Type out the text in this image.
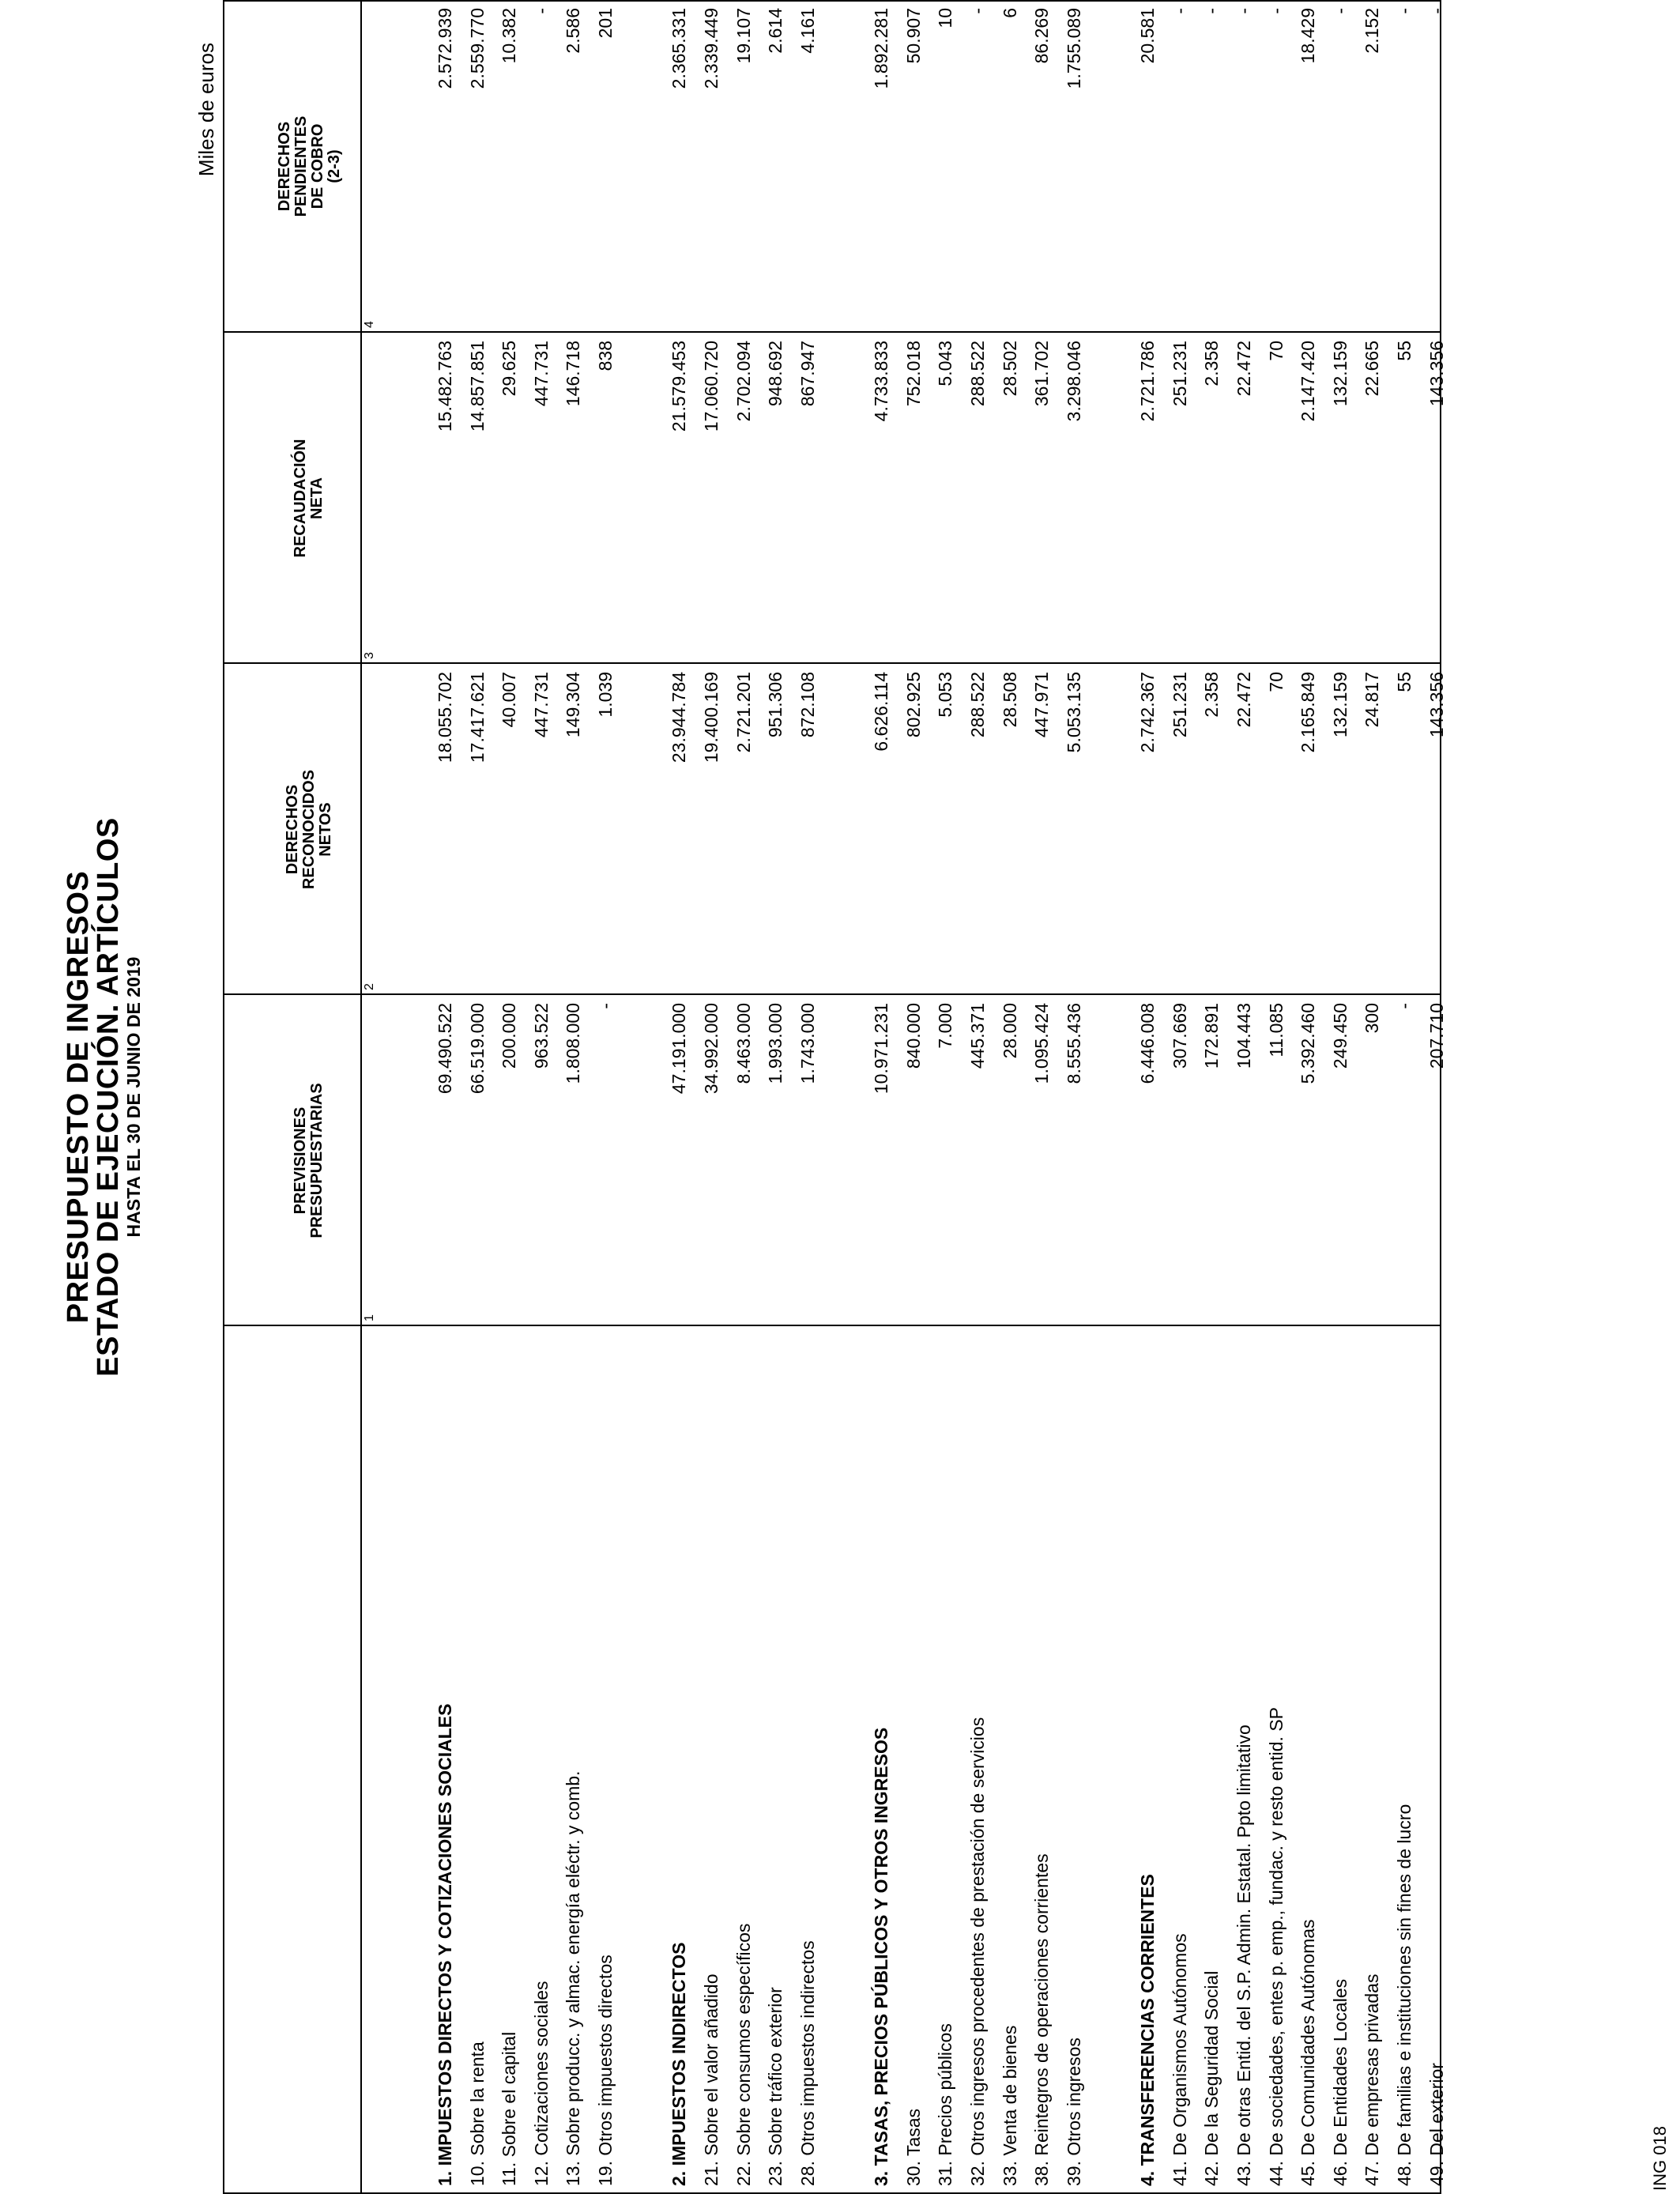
PRESUPUESTO DE INGRESOS
ESTADO DE EJECUCIÓN. ARTÍCULOS
HASTA EL 30 DE JUNIO DE 2019
Miles de euros
PREVISIONES PRESUPUESTARIAS
1
DERECHOS RECONOCIDOS NETOS
2
RECAUDACIÓN NETA
3
DERECHOS PENDIENTES DE COBRO (2-3)
4
1. IMPUESTOS DIRECTOS Y COTIZACIONES SOCIALES
69.490.522
18.055.702
15.482.763
2.572.939
10. Sobre la renta
66.519.000
17.417.621
14.857.851
2.559.770
11. Sobre el capital
200.000
40.007
29.625
10.382
12. Cotizaciones sociales
963.522
447.731
447.731
-
13. Sobre producc. y almac. energía eléctr. y comb.
1.808.000
149.304
146.718
2.586
19. Otros impuestos directos
-
1.039
838
201
2. IMPUESTOS INDIRECTOS
47.191.000
23.944.784
21.579.453
2.365.331
21. Sobre el valor añadido
34.992.000
19.400.169
17.060.720
2.339.449
22. Sobre consumos específicos
8.463.000
2.721.201
2.702.094
19.107
23. Sobre tráfico exterior
1.993.000
951.306
948.692
2.614
28. Otros impuestos indirectos
1.743.000
872.108
867.947
4.161
3. TASAS, PRECIOS PÚBLICOS Y OTROS INGRESOS
10.971.231
6.626.114
4.733.833
1.892.281
30. Tasas
840.000
802.925
752.018
50.907
31. Precios públicos
7.000
5.053
5.043
10
32. Otros ingresos procedentes de prestación de servicios
445.371
288.522
288.522
-
33. Venta de bienes
28.000
28.508
28.502
6
38. Reintegros de operaciones corrientes
1.095.424
447.971
361.702
86.269
39. Otros ingresos
8.555.436
5.053.135
3.298.046
1.755.089
4. TRANSFERENCIAS CORRIENTES
6.446.008
2.742.367
2.721.786
20.581
41. De Organismos Autónomos
307.669
251.231
251.231
-
42. De la Seguridad Social
172.891
2.358
2.358
-
43. De otras Entid. del S.P. Admin. Estatal. Ppto limitativo
104.443
22.472
22.472
-
44. De sociedades, entes p. emp., fundac. y resto entid. SP
11.085
70
70
-
45. De Comunidades Autónomas
5.392.460
2.165.849
2.147.420
18.429
46. De Entidades Locales
249.450
132.159
132.159
-
47. De empresas privadas
300
24.817
22.665
2.152
48. De familias e instituciones sin fines de lucro
-
55
55
-
49. Del exterior
207.710
143.356
143.356
-
ING 018
